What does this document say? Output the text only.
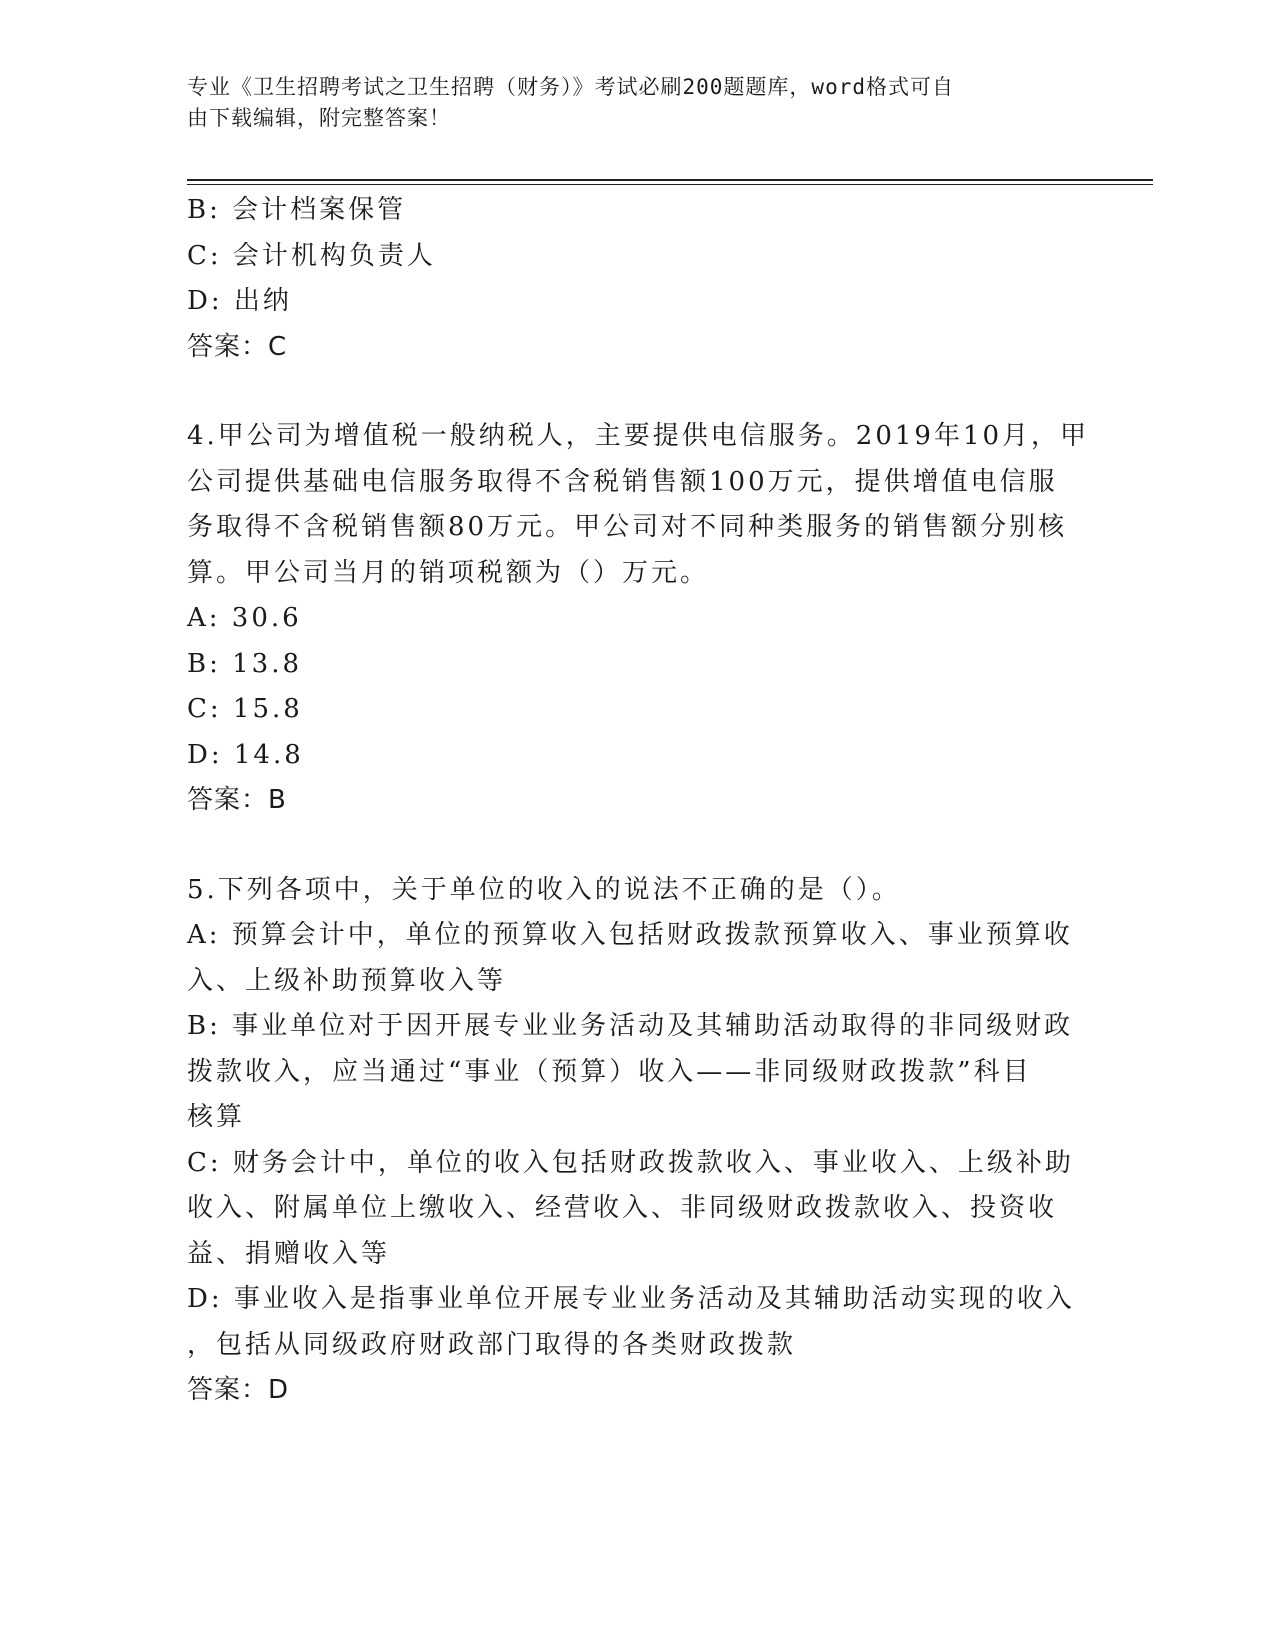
专业《卫生招聘考试之卫生招聘（财务）》考试必刷200题题库，word格式可自
由下载编辑，附完整答案！
B: 会计档案保管
C: 会计机构负责人
D: 出纳
答案：C
4.甲公司为增值税一般纳税人，主要提供电信服务。2019年10月，甲
公司提供基础电信服务取得不含税销售额100万元，提供增值电信服
务取得不含税销售额80万元。甲公司对不同种类服务的销售额分别核
算。甲公司当月的销项税额为（）万元。
A: 30.6
B: 13.8
C: 15.8
D: 14.8
答案：B
5.下列各项中，关于单位的收入的说法不正确的是（）。
A: 预算会计中，单位的预算收入包括财政拨款预算收入、事业预算收
入、上级补助预算收入等
B: 事业单位对于因开展专业业务活动及其辅助活动取得的非同级财政
拨款收入，应当通过“事业（预算）收入——非同级财政拨款”科目
核算
C: 财务会计中，单位的收入包括财政拨款收入、事业收入、上级补助
收入、附属单位上缴收入、经营收入、非同级财政拨款收入、投资收
益、捐赠收入等
D: 事业收入是指事业单位开展专业业务活动及其辅助活动实现的收入
，包括从同级政府财政部门取得的各类财政拨款
答案：D
